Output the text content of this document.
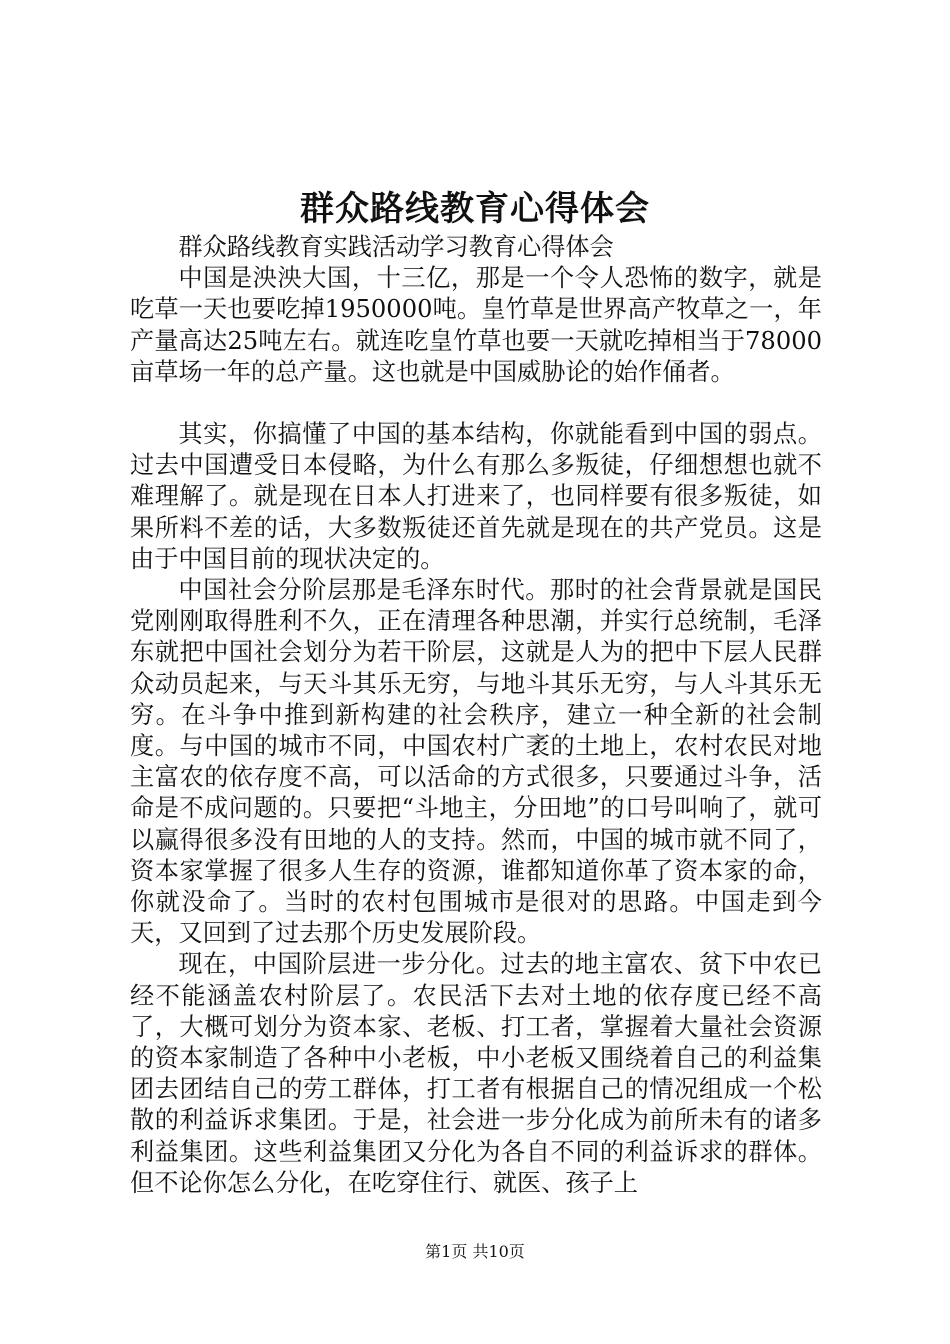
群众路线教育心得体会

群众路线教育实践活动学习教育心得体会

中国是泱泱大国，十三亿，那是一个令人恐怖的数字，就是吃草一天也要吃掉1950000吨。皇竹草是世界高产牧草之一，年产量高达25吨左右。就连吃皇竹草也要一天就吃掉相当于78000亩草场一年的总产量。这也就是中国威胁论的始作俑者。

其实，你搞懂了中国的基本结构，你就能看到中国的弱点。过去中国遭受日本侵略，为什么有那么多叛徒，仔细想想也就不难理解了。就是现在日本人打进来了，也同样要有很多叛徒，如果所料不差的话，大多数叛徒还首先就是现在的共产党员。这是由于中国目前的现状决定的。

中国社会分阶层那是毛泽东时代。那时的社会背景就是国民党刚刚取得胜利不久，正在清理各种思潮，并实行总统制，毛泽东就把中国社会划分为若干阶层，这就是人为的把中下层人民群众动员起来，与天斗其乐无穷，与地斗其乐无穷，与人斗其乐无穷。在斗争中推到新构建的社会秩序，建立一种全新的社会制度。与中国的城市不同，中国农村广袤的土地上，农村农民对地主富农的依存度不高，可以活命的方式很多，只要通过斗争，活命是不成问题的。只要把“斗地主，分田地”的口号叫响了，就可以赢得很多没有田地的人的支持。然而，中国的城市就不同了，资本家掌握了很多人生存的资源，谁都知道你革了资本家的命，你就没命了。当时的农村包围城市是很对的思路。中国走到今天，又回到了过去那个历史发展阶段。

现在，中国阶层进一步分化。过去的地主富农、贫下中农已经不能涵盖农村阶层了。农民活下去对土地的依存度已经不高了，大概可划分为资本家、老板、打工者，掌握着大量社会资源的资本家制造了各种中小老板，中小老板又围绕着自己的利益集团去团结自己的劳工群体，打工者有根据自己的情况组成一个松散的利益诉求集团。于是，社会进一步分化成为前所未有的诸多利益集团。这些利益集团又分化为各自不同的利益诉求的群体。但不论你怎么分化，在吃穿住行、就医、孩子上

第1页 共10页
